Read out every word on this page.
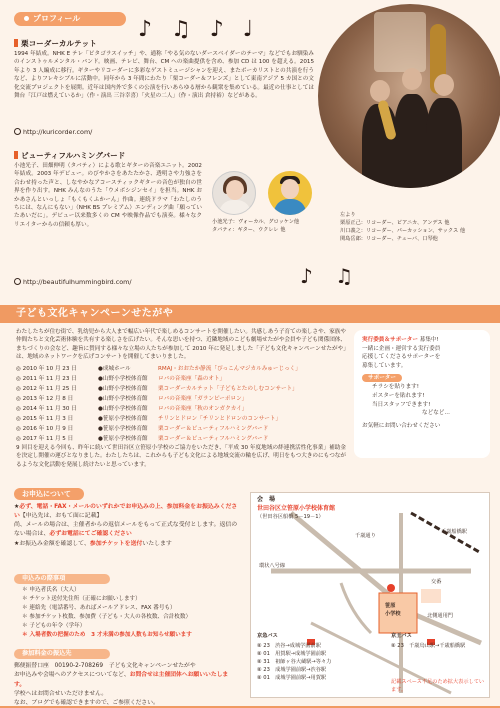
プロフィール	♪ ♫ ♪ ♩
栗コーダーカルテット
1994 年結成。NHK E テレ「ピタゴラスイッチ」や、通称「やる気のないダースベイダーのテーマ」などでもお馴染みのインストゥルメンタル・バンド。映画、テレビ、舞台、CM への楽曲提供を含め、参加 CD は 100 を超える。2015 年より 3 人編成に移行。ギターやリコーダーに多彩なゲストミュージシャンを迎え、またボーカリストとの共演を行うなど、よりフレキシブルに活動中。同年から 3 年間にわたり「栗コーダー＆フレンズ」として東南アジア 5 カ国との文化交流プロジェクトを展開。近年は国内外で多くの公演を行いあらゆる層から観衆を集めている。最近の仕事としては舞台「江戸は燃えているか」（作・演出 三谷幸喜）「火星の二人」（作・演出 倉持裕）などがある。
http://kuricorder.com/
ビューティフルハミングバード
小池光子、田畑伸明（タバティ）による歌とギターの音楽ユニット。2002 年結成。2003 年デビュー。のびやかさをあたたかさ、透明さや力強さを合わせ持った声と、しなやかなアコースティックギターの音色が独自の世界を作り出す。NHK みんなのうた「ウメボシジンセイ」を担当。NHK おかあさんといっしょ「もくもくふかーん」作曲。連続ドラマ「わたしのうちには、なんにもない」（NHK BS プレミアム）エンディング曲「願っていたあいだに」。デビュー以来数多くの CM や映像作品でも演奏。様々なクリエイターからの信頼も厚い。
http://beautifulhummingbird.com/
小池光子：ヴォーカル、グロッケン他
タバティ：ギター、ウクレレ 他
左より
栗原正己：リコーダー、ピアニカ、アンデス 他
川口義之：リコーダー、パーカッション、サックス 他
関島岳郎：リコーダー、チューバ、口琴他
♪ ♫
子ども文化キャンペーンせたがや
わたしたちが住む街で、乳幼児から大人まで幅広い年代で楽しめるコンサートを開催したい。共感しあう子育ての楽しさや、家族や仲間たちと文化芸術体験を共有する楽しさを広げたい。そんな思いを持つ、近隣地域のこども劇場せたがや会員や子ども関係団体、まちづくりの会など、趣旨に賛同する様々な立場の人たちが参加して 2010 年に発足しました「子ども文化キャンペーンせたがや」は、地域のネットワークを広げコンサートを開催してまいりました。
◎ 2010 年 10 月 23 日	●成城ホール	RMAJ・おおたか静流「ぴっこんマジカルみゅーじっく」
◎ 2011 年 11 月 23 日	●山野小学校体育館	ロバの音楽座「森のオト」
◎ 2012 年 11 月 25 日	●山野小学校体育館	栗コーダーカルテット「子どもとたのしむコンサート」
◎ 2013 年 12 月 8 日	●山野小学校体育館	ロバの音楽座「ガランピーポロン」
◎ 2014 年 11 月 30 日	●山野小学校体育館	ロバの音楽座「秋のオンガクカイ」
◎ 2015 年 11 月 3 日	●笹原小学校体育館	チリンとドロン「チリンとドロンのコンサート」
◎ 2016 年 10 月 9 日	●笹原小学校体育館	栗コーダー＆ビューティフルハミングバード
◎ 2017 年 11 月 5 日	●笹原小学校体育館	栗コーダー＆ビューティフルハミングバード
9 回目を迎える今回も、昨年に続いて世田谷区立笹原小学校のご協力をいただき、「平成 30 年度地域の絆連携活性化事業」補助金を決定し開催の運びとなりました。わたしたちは、これからも子ども文化による地域交流の輪を広げ、明日をもつ大きのにもつながるような文化活動を発展し続けたいと思っています。
実行委員＆サポーター 募集中!
一緒に企画・運営する実行委員
応援してくださるサポーターを
募集しています。
サポーター
チラシを貼ります!
ポスターを貼れます!
当日スタッフできます!
などなど…
お気軽にお問い合わせください
お申込について
★必ず、電話・FAX・メールのいずれかでお申込みの上、参加料金をお振込みください【申込先は、おもて面に記載】
尚、メールの場合は、主催者からの返信メールをもって正式な受付とします。返信のない場合は、必ずお電話にてご確認ください
★お振込み金額を確認して、参加チケットを送付いたします
申込みの際事項
＊ 申込者氏名（大人）
＊ チケット送付先住所（正確にお願いします）
＊ 連絡先（電話番号、あればメールアドレス、FAX 番号も）
＊ 参加チケット枚数、参加費（子ども・大人の各枚数、合計枚数）
＊ 子どもの年令（学年）
＊ 入場者数の把握のため　3 才未満の参加人数もお知らせ願います
参加料金の振込先
郵便振替口座　00190-2-708269　子ども文化キャンペーンせたがや
お申込みや会場へのアクセスについてなど、お問合せは主催団体へお願いいたします。
学校へはお問合せいただけません。
なお、ブログでも確認できますので、ご参照ください。
会　場
世田谷区立笹原小学校体育館
（世田谷区船橋 5－19－1）
千歳船橋駅
千歳通り
環状八号線
笹原
小学校
交番
北側通用門
京急バス	京王バス
⑧ 23　渋谷→成城学園前駅
⑧ 01　用賀駅→成城学園前駅
⑧ 31　祖師ヶ谷大蔵駅→等々力
⑧ 23　成城学園前駅→渋谷駅
⑧ 01　成城学園前駅→用賀駅
⑧ 23　千歳烏山駅→千歳船橋駅
記載スペース不足のため拡大表示しています。
